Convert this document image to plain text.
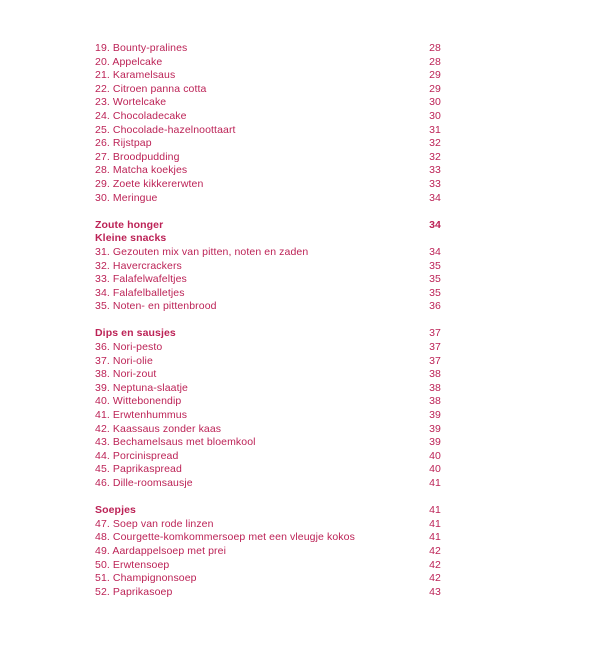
19. Bounty-pralines	28
20. Appelcake	28
21. Karamelsaus	29
22. Citroen panna cotta	29
23. Wortelcake	30
24. Chocoladecake	30
25. Chocolade-hazelnoottaart	31
26. Rijstpap	32
27. Broodpudding	32
28. Matcha koekjes	33
29. Zoete kikkererwten	33
30. Meringue	34
Zoute honger	34
Kleine snacks
31. Gezouten mix van pitten, noten en zaden	34
32. Havercrackers	35
33. Falafelwafeltjes	35
34. Falafelballetjes	35
35. Noten- en pittenbrood	36
Dips en sausjes	37
36. Nori-pesto	37
37. Nori-olie	37
38. Nori-zout	38
39. Neptuna-slaatje	38
40. Wittebonendip	38
41. Erwtenhummus	39
42. Kaassaus zonder kaas	39
43. Bechamelsaus met bloemkool	39
44. Porcinispread	40
45. Paprikaspread	40
46. Dille-roomsausje	41
Soepjes	41
47. Soep van rode linzen	41
48. Courgette-komkommersoep met een vleugje kokos	41
49. Aardappelsoep met prei	42
50. Erwtensoep	42
51. Champignonsoep	42
52. Paprikasoep	43
